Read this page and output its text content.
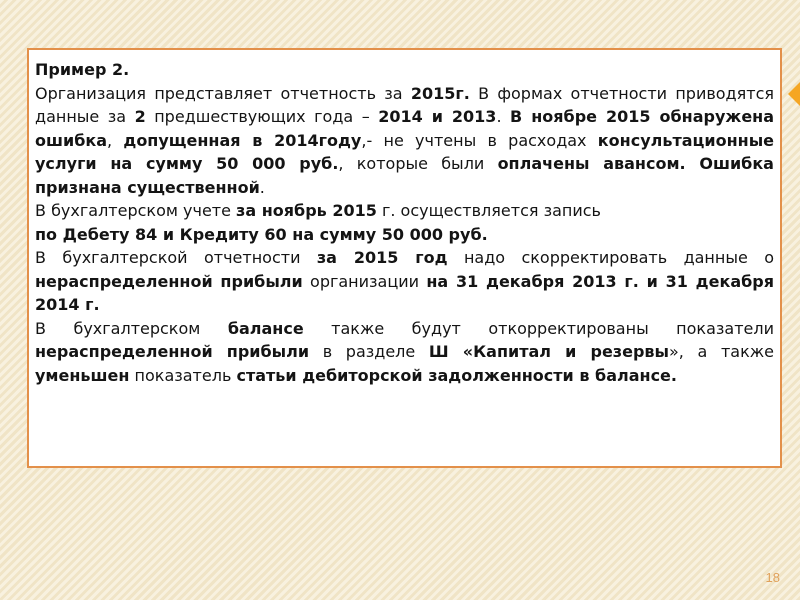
Пример 2.

Организация представляет отчетность за 2015г. В формах отчетности приводятся данные за 2 предшествующих года – 2014 и 2013. В ноябре 2015 обнаружена ошибка, допущенная в 2014году,- не учтены в расходах консультационные услуги на сумму 50 000 руб., которые были оплачены авансом. Ошибка признана существенной.

В бухгалтерском учете за ноябрь 2015 г. осуществляется запись

по Дебету 84 и Кредиту 60 на сумму 50 000 руб.

В бухгалтерской отчетности за 2015 год надо скорректировать данные о нераспределенной прибыли организации на 31 декабря 2013 г. и 31 декабря 2014 г.

В бухгалтерском балансе также будут откорректированы показатели нераспределенной прибыли в разделе Ш «Капитал и резервы», а также уменьшен показатель статьи дебиторской задолженности в балансе.

18
